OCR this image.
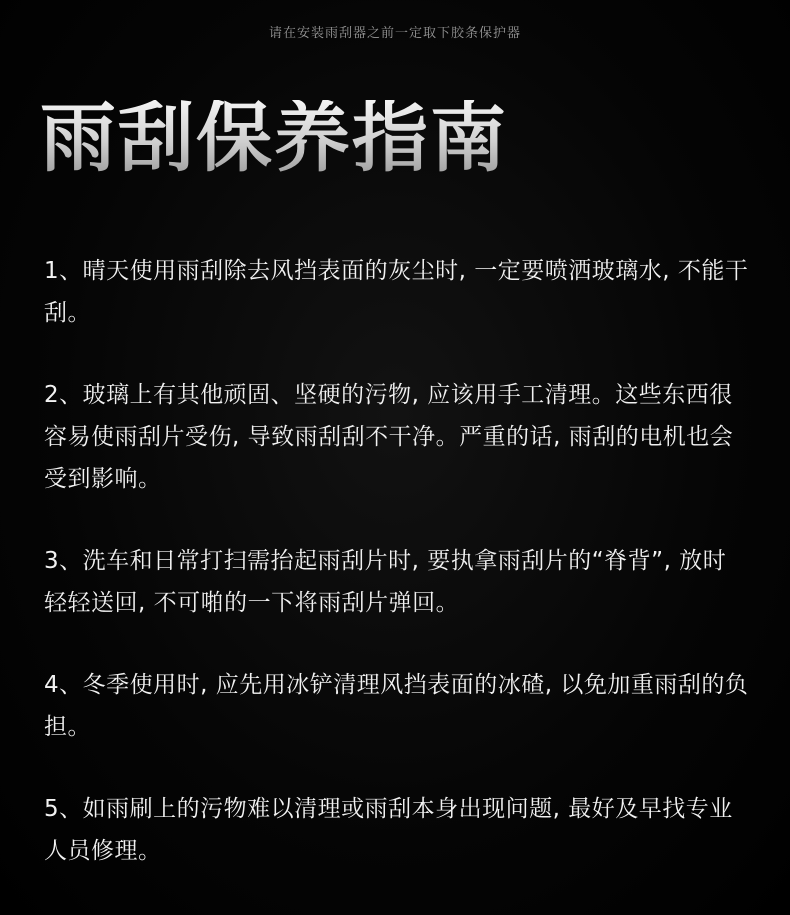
请在安装雨刮器之前一定取下胶条保护器
雨刮保养指南

1、晴天使用雨刮除去风挡表面的灰尘时, 一定要喷洒玻璃水, 不能干刮。

2、玻璃上有其他顽固、坚硬的污物, 应该用手工清理。这些东西很容易使雨刮片受伤, 导致雨刮刮不干净。严重的话, 雨刮的电机也会受到影响。

3、洗车和日常打扫需抬起雨刮片时, 要执拿雨刮片的“脊背”, 放时轻轻送回, 不可啪的一下将雨刮片弹回。

4、冬季使用时, 应先用冰铲清理风挡表面的冰碴, 以免加重雨刮的负担。

5、如雨刷上的污物难以清理或雨刮本身出现问题, 最好及早找专业人员修理。
